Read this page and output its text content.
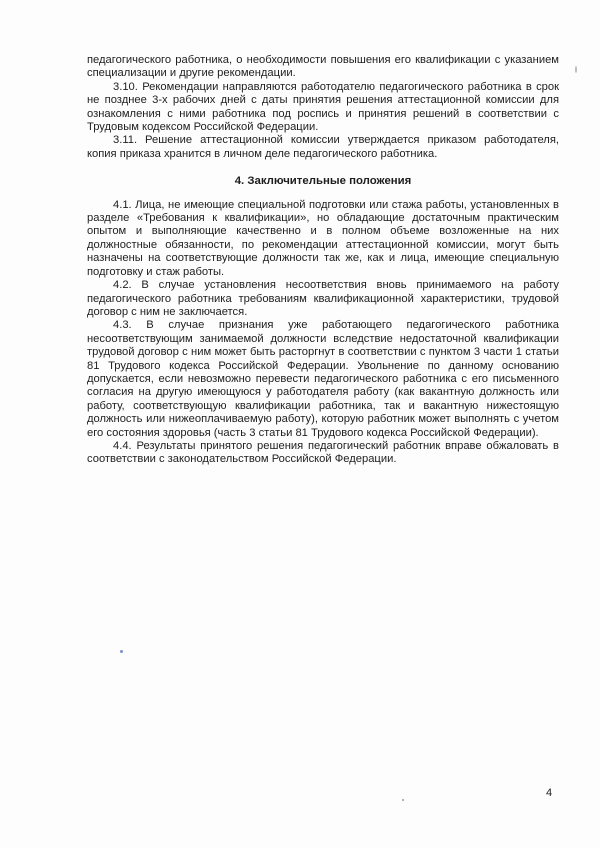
педагогического работника, о необходимости повышения его квалификации с указанием специализации и другие рекомендации.

3.10. Рекомендации направляются работодателю педагогического работника в срок не позднее 3-х рабочих дней с даты принятия решения аттестационной комиссии для ознакомления с ними работника под роспись и принятия решений в соответствии с Трудовым кодексом Российской Федерации.

3.11. Решение аттестационной комиссии утверждается приказом работодателя, копия приказа хранится в личном деле педагогического работника.

4. Заключительные положения

4.1. Лица, не имеющие специальной подготовки или стажа работы, установленных в разделе «Требования к квалификации», но обладающие достаточным практическим опытом и выполняющие качественно и в полном объеме возложенные на них должностные обязанности, по рекомендации аттестационной комиссии, могут быть назначены на соответствующие должности так же, как и лица, имеющие специальную подготовку и стаж работы.

4.2. В случае установления несоответствия вновь принимаемого на работу педагогического работника требованиям квалификационной характеристики, трудовой договор с ним не заключается.

4.3. В случае признания уже работающего педагогического работника несоответствующим занимаемой должности вследствие недостаточной квалификации трудовой договор с ним может быть расторгнут в соответствии с пунктом 3 части 1 статьи 81 Трудового кодекса Российской Федерации. Увольнение по данному основанию допускается, если невозможно перевести педагогического работника с его письменного согласия на другую имеющуюся у работодателя работу (как вакантную должность или работу, соответствующую квалификации работника, так и вакантную нижестоящую должность или нижеоплачиваемую работу), которую работник может выполнять с учетом его состояния здоровья (часть 3 статьи 81 Трудового кодекса Российской Федерации).

4.4. Результаты принятого решения педагогический работник вправе обжаловать в соответствии с законодательством Российской Федерации.

4
